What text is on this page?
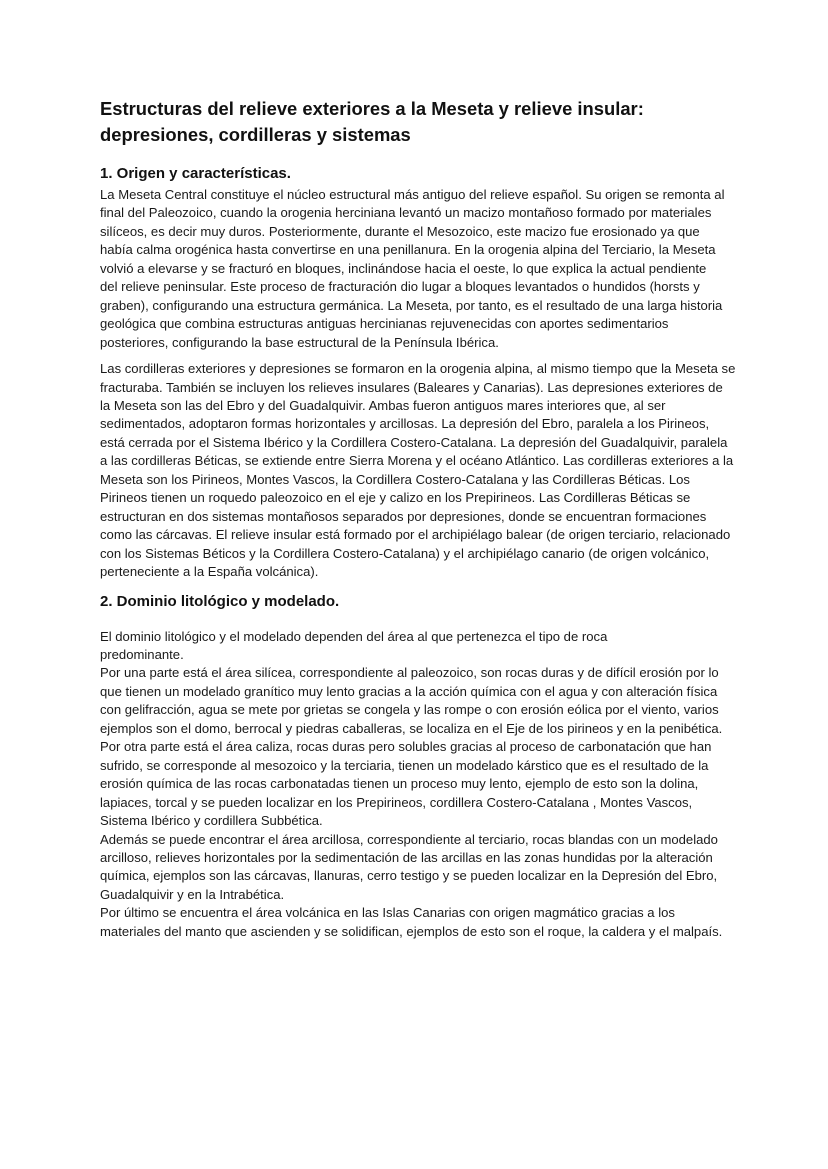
Estructuras del relieve exteriores a la Meseta y relieve insular: depresiones, cordilleras y sistemas
1. Origen y características.

La Meseta Central constituye el núcleo estructural más antiguo del relieve español. Su origen se remonta al final del Paleozoico, cuando la orogenia herciniana levantó un macizo montañoso formado por materiales silíceos, es decir muy duros. Posteriormente, durante el Mesozoico, este macizo fue erosionado ya que había calma orogénica hasta convertirse en una penillanura. En la orogenia alpina del Terciario, la Meseta volvió a elevarse y se fracturó en bloques, inclinándose hacia el oeste, lo que explica la actual pendiente del relieve peninsular. Este proceso de fracturación dio lugar a bloques levantados o hundidos (horsts y graben), configurando una estructura germánica. La Meseta, por tanto, es el resultado de una larga historia geológica que combina estructuras antiguas hercinianas rejuvenecidas con aportes sedimentarios posteriores, configurando la base estructural de la Península Ibérica.

Las cordilleras exteriores y depresiones se formaron en la orogenia alpina, al mismo tiempo que la Meseta se fracturaba. También se incluyen los relieves insulares (Baleares y Canarias). Las depresiones exteriores de la Meseta son las del Ebro y del Guadalquivir. Ambas fueron antiguos mares interiores que, al ser sedimentados, adoptaron formas horizontales y arcillosas. La depresión del Ebro, paralela a los Pirineos, está cerrada por el Sistema Ibérico y la Cordillera Costero-Catalana. La depresión del Guadalquivir, paralela a las cordilleras Béticas, se extiende entre Sierra Morena y el océano Atlántico. Las cordilleras exteriores a la Meseta son los Pirineos, Montes Vascos, la Cordillera Costero-Catalana y las Cordilleras Béticas. Los Pirineos tienen un roquedo paleozoico en el eje y calizo en los Prepirineos. Las Cordilleras Béticas se estructuran en dos sistemas montañosos separados por depresiones, donde se encuentran formaciones como las cárcavas. El relieve insular está formado por el archipiélago balear (de origen terciario, relacionado con los Sistemas Béticos y la Cordillera Costero-Catalana) y el archipiélago canario (de origen volcánico, perteneciente a la España volcánica).

2. Dominio litológico y modelado.

El dominio litológico y el modelado dependen del área al que pertenezca el tipo de roca predominante.

Por una parte está el área silícea, correspondiente al paleozoico, son rocas duras y de difícil erosión por lo que tienen un modelado granítico muy lento gracias a la acción química con el agua y con alteración física con gelifracción, agua se mete por grietas se congela y las rompe o con erosión eólica por el viento, varios ejemplos son el domo, berrocal y piedras caballeras, se localiza en el Eje de los pirineos y en la penibética.

Por otra parte está el área caliza, rocas duras pero solubles gracias al proceso de carbonatación que han sufrido, se corresponde al mesozoico y la terciaria, tienen un modelado kárstico que es el resultado de la erosión química de las rocas carbonatadas tienen un proceso muy lento, ejemplo de esto son la dolina, lapiaces, torcal y se pueden localizar en los Prepirineos, cordillera Costero-Catalana , Montes Vascos, Sistema Ibérico y cordillera Subbética.

Además se puede encontrar el área arcillosa, correspondiente al terciario, rocas blandas con un modelado arcilloso, relieves horizontales por la sedimentación de las arcillas en las zonas hundidas por la alteración química, ejemplos son las cárcavas, llanuras, cerro testigo y se pueden localizar en la Depresión del Ebro, Guadalquivir y en la Intrabética.

Por último se encuentra el área volcánica en las Islas Canarias con origen magmático gracias a los materiales del manto que ascienden y se solidifican, ejemplos de esto son el roque, la caldera y el malpaís.
